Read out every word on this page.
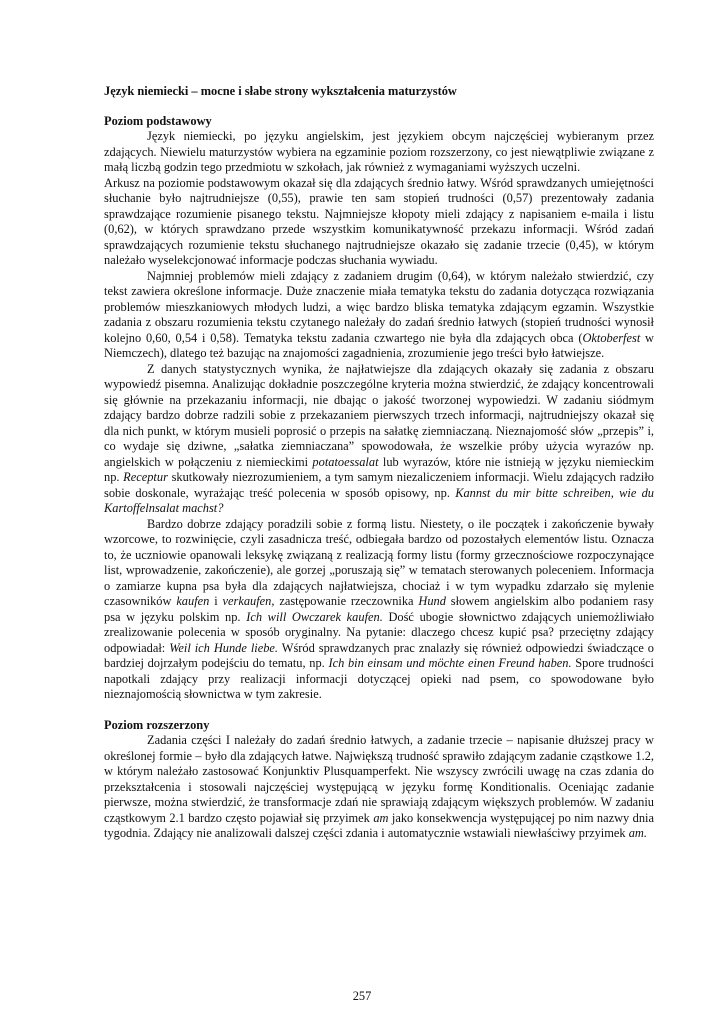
Język niemiecki – mocne i słabe strony wykształcenia maturzystów
Poziom podstawowy

Język niemiecki, po języku angielskim, jest językiem obcym najczęściej wybieranym przez zdających. Niewielu maturzystów wybiera na egzaminie poziom rozszerzony, co jest niewątpliwie związane z małą liczbą godzin tego przedmiotu w szkołach, jak również z wymaganiami wyższych uczelni.

Arkusz na poziomie podstawowym okazał się dla zdających średnio łatwy. Wśród sprawdzanych umiejętności słuchanie było najtrudniejsze (0,55), prawie ten sam stopień trudności (0,57) prezentowały zadania sprawdzające rozumienie pisanego tekstu. Najmniejsze kłopoty mieli zdający z napisaniem e-maila i listu (0,62), w których sprawdzano przede wszystkim komunikatywność przekazu informacji. Wśród zadań sprawdzających rozumienie tekstu słuchanego najtrudniejsze okazało się zadanie trzecie (0,45), w którym należało wyselekcjonować informacje podczas słuchania wywiadu.

Najmniej problemów mieli zdający z zadaniem drugim (0,64), w którym należało stwierdzić, czy tekst zawiera określone informacje. Duże znaczenie miała tematyka tekstu do zadania dotycząca rozwiązania problemów mieszkaniowych młodych ludzi, a więc bardzo bliska tematyka zdającym egzamin. Wszystkie zadania z obszaru rozumienia tekstu czytanego należały do zadań średnio łatwych (stopień trudności wynosił kolejno 0,60, 0,54 i 0,58). Tematyka tekstu zadania czwartego nie była dla zdających obca (Oktoberfest w Niemczech), dlatego też bazując na znajomości zagadnienia, zrozumienie jego treści było łatwiejsze.

Z danych statystycznych wynika, że najłatwiejsze dla zdających okazały się zadania z obszaru wypowiedź pisemna. Analizując dokładnie poszczególne kryteria można stwierdzić, że zdający koncentrowali się głównie na przekazaniu informacji, nie dbając o jakość tworzonej wypowiedzi. W zadaniu siódmym zdający bardzo dobrze radzili sobie z przekazaniem pierwszych trzech informacji, najtrudniejszy okazał się dla nich punkt, w którym musieli poprosić o przepis na sałatkę ziemniaczaną. Nieznajomość słów „przepis” i, co wydaje się dziwne, „sałatka ziemniaczana” spowodowała, że wszelkie próby użycia wyrazów np. angielskich w połączeniu z niemieckimi potatoessalat lub wyrazów, które nie istnieją w języku niemieckim np. Receptur skutkowały niezrozumieniem, a tym samym niezaliczeniem informacji. Wielu zdających radziło sobie doskonale, wyrażając treść polecenia w sposób opisowy, np. Kannst du mir bitte schreiben, wie du Kartoffelnsalat machst?

Bardzo dobrze zdający poradzili sobie z formą listu. Niestety, o ile początek i zakończenie bywały wzorcowe, to rozwinięcie, czyli zasadnicza treść, odbiegała bardzo od pozostałych elementów listu. Oznacza to, że uczniowie opanowali leksykę związaną z realizacją formy listu (formy grzecznościowe rozpoczynające list, wprowadzenie, zakończenie), ale gorzej „poruszają się” w tematach sterowanych poleceniem. Informacja o zamiarze kupna psa była dla zdających najłatwiejsza, chociaż i w tym wypadku zdarzało się mylenie czasowników kaufen i verkaufen, zastępowanie rzeczownika Hund słowem angielskim albo podaniem rasy psa w języku polskim np. Ich will Owczarek kaufen. Dość ubogie słownictwo zdających uniemożliwiało zrealizowanie polecenia w sposób oryginalny. Na pytanie: dlaczego chcesz kupić psa? przeciętny zdający odpowiadał: Weil ich Hunde liebe. Wśród sprawdzanych prac znalazły się również odpowiedzi świadczące o bardziej dojrzałym podejściu do tematu, np. Ich bin einsam und möchte einen Freund haben. Spore trudności napotkali zdający przy realizacji informacji dotyczącej opieki nad psem, co spowodowane było nieznajomością słownictwa w tym zakresie.

Poziom rozszerzony

Zadania części I należały do zadań średnio łatwych, a zadanie trzecie – napisanie dłuższej pracy w określonej formie – było dla zdających łatwe. Największą trudność sprawiło zdającym zadanie cząstkowe 1.2, w którym należało zastosować Konjunktiv Plusquamperfekt. Nie wszyscy zwrócili uwagę na czas zdania do przekształcenia i stosowali najczęściej występującą w języku formę Konditionalis. Oceniając zadanie pierwsze, można stwierdzić, że transformacje zdań nie sprawiają zdającym większych problemów. W zadaniu cząstkowym 2.1 bardzo często pojawiał się przyimek am jako konsekwencja występującej po nim nazwy dnia tygodnia. Zdający nie analizowali dalszej części zdania i automatycznie wstawiali niewłaściwy przyimek am.

257
